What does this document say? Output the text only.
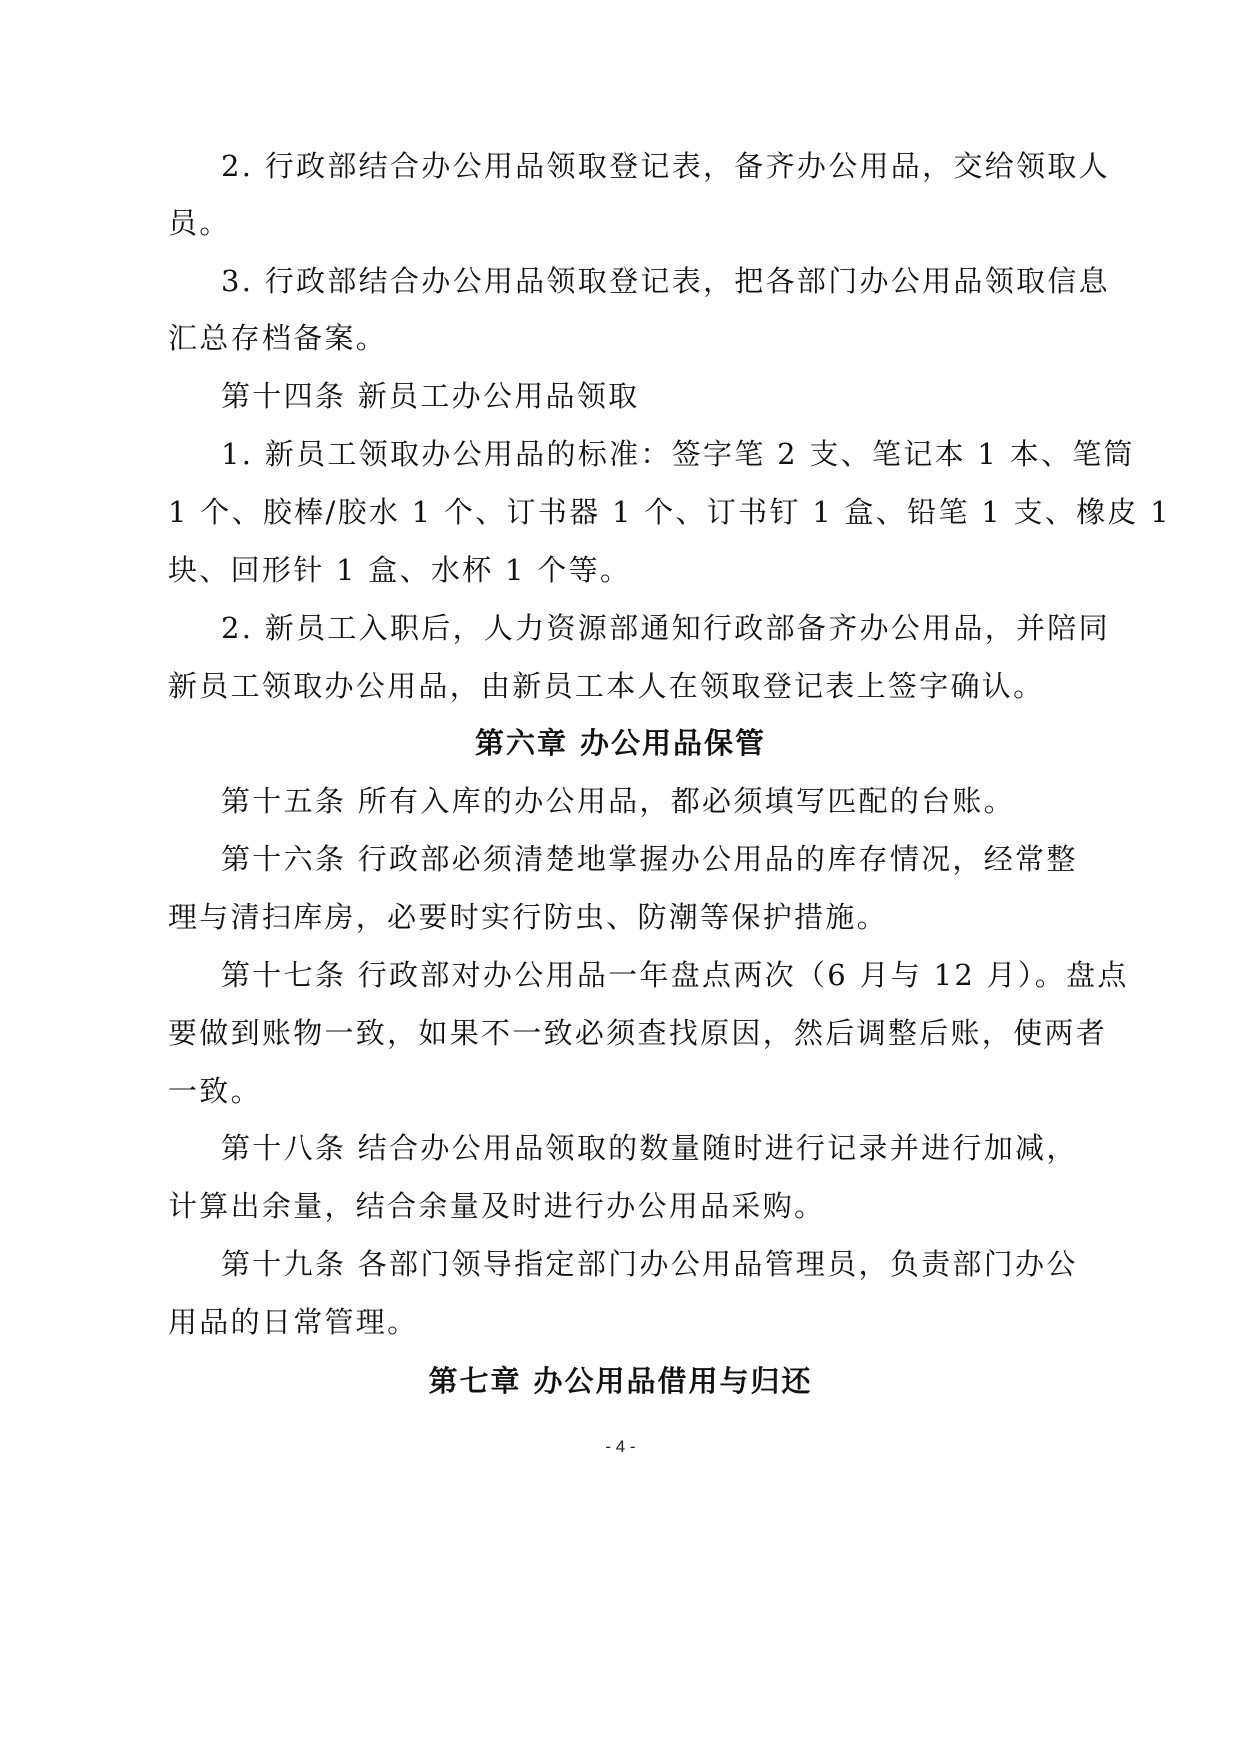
2. 行政部结合办公用品领取登记表，备齐办公用品，交给领取人
员。
3. 行政部结合办公用品领取登记表，把各部门办公用品领取信息
汇总存档备案。
第十四条 新员工办公用品领取
1. 新员工领取办公用品的标准：签字笔 2 支、笔记本 1 本、笔筒
1 个、胶棒/胶水 1 个、订书器 1 个、订书钉 1 盒、铅笔 1 支、橡皮 1
块、回形针 1 盒、水杯 1 个等。
2. 新员工入职后，人力资源部通知行政部备齐办公用品，并陪同
新员工领取办公用品，由新员工本人在领取登记表上签字确认。
第六章 办公用品保管
第十五条 所有入库的办公用品，都必须填写匹配的台账。
第十六条 行政部必须清楚地掌握办公用品的库存情况，经常整
理与清扫库房，必要时实行防虫、防潮等保护措施。
第十七条 行政部对办公用品一年盘点两次（6 月与 12 月）。盘点
要做到账物一致，如果不一致必须查找原因，然后调整后账，使两者
一致。
第十八条 结合办公用品领取的数量随时进行记录并进行加减，
计算出余量，结合余量及时进行办公用品采购。
第十九条 各部门领导指定部门办公用品管理员，负责部门办公
用品的日常管理。
第七章 办公用品借用与归还
- 4 -
